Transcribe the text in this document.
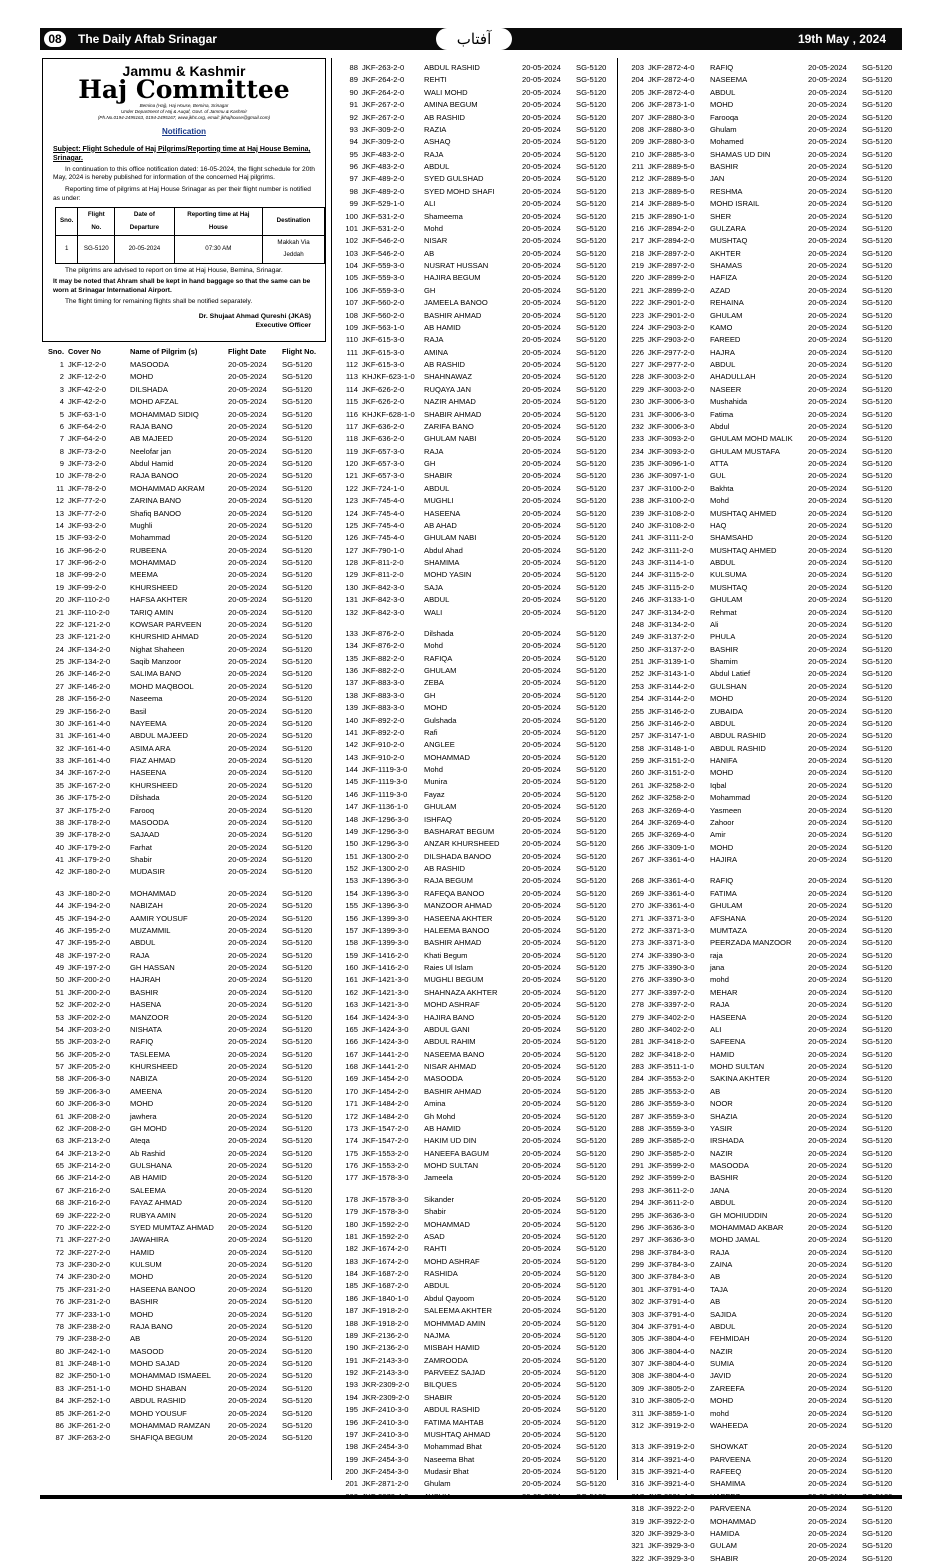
08	The Daily Aftab Srinagar	آفتاب	19th May , 2024
Jammu & Kashmir
Haj Committee
Bemina (Haj), Haj House, Bemina, Srinagar
Under Department of Haj & Auqaf, Govt. of Jammu & Kashmir
(Ph.No.0194-2495163, 0194-2495167, www.jkhc.org, email: jkhajhouse@gmail.com)
Notification
Subject: Flight Schedule of Haj Pilgrims/Reporting time at Haj House Bemina, Srinagar.
In continuation to this office notification dated: 16-05-2024, the flight schedule for 20th May, 2024 is hereby published for information of the concerned Haj pilgrims.
Reporting time of pilgrims at Haj House Srinagar as per their flight number is notified as under:
Sno.	Flight No.	Date of Departure	Reporting time at Haj House	Destination
1	SG-5120	20-05-2024	07:30 AM	Makkah Via Jeddah
The pilgrims are advised to report on time at Haj House, Bemina, Srinagar.
It may be noted that Ahram shall be kept in hand baggage so that the same can be worn at Srinagar International Airport.
The flight timing for remaining flights shall be notified separately.
Dr. Shujaat Ahmad Qureshi (JKAS)
Executive Officer
Sno. Cover No	Name of Pilgrim (s)	Flight Date Flight No.
1 JKF-12-2-0	MASOODA	20-05-2024 SG-5120
2 JKF-12-2-0	MOHD	20-05-2024 SG-5120
3 JKF-42-2-0	DILSHADA	20-05-2024 SG-5120
4 JKF-42-2-0	MOHD AFZAL	20-05-2024 SG-5120
5 JKF-63-1-0	MOHAMMAD SIDIQ	20-05-2024 SG-5120
6 JKF-64-2-0	RAJA BANO	20-05-2024 SG-5120
7 JKF-64-2-0	AB MAJEED	20-05-2024 SG-5120
8 JKF-73-2-0	Neelofar jan	20-05-2024 SG-5120
9 JKF-73-2-0	Abdul Hamid	20-05-2024 SG-5120
10 JKF-78-2-0	RAJA BANOO	20-05-2024 SG-5120
11 JKF-78-2-0	MOHAMMAD AKRAM	20-05-2024 SG-5120
12 JKF-77-2-0	ZARINA BANO	20-05-2024 SG-5120
13 JKF-77-2-0	Shafiq BANOO	20-05-2024 SG-5120
14 JKF-93-2-0	Mughli	20-05-2024 SG-5120
15 JKF-93-2-0	Mohammad	20-05-2024 SG-5120
16 JKF-96-2-0	RUBEENA	20-05-2024 SG-5120
17 JKF-96-2-0	MOHAMMAD	20-05-2024 SG-5120
18 JKF-99-2-0	MEEMA	20-05-2024 SG-5120
19 JKF-99-2-0	KHURSHEED	20-05-2024 SG-5120
20 JKF-110-2-0	HAFSA AKHTER	20-05-2024 SG-5120
21 JKF-110-2-0	TARIQ AMIN	20-05-2024 SG-5120
22 JKF-121-2-0	KOWSAR PARVEEN	20-05-2024 SG-5120
23 JKF-121-2-0	KHURSHID AHMAD	20-05-2024 SG-5120
24 JKF-134-2-0	Nighat Shaheen	20-05-2024 SG-5120
25 JKF-134-2-0	Saqib Manzoor	20-05-2024 SG-5120
26 JKF-146-2-0	SALIMA BANO	20-05-2024 SG-5120
27 JKF-146-2-0	MOHD MAQBOOL	20-05-2024 SG-5120
28 JKF-156-2-0	Naseema	20-05-2024 SG-5120
29 JKF-156-2-0	Basil	20-05-2024 SG-5120
30 JKF-161-4-0	NAYEEMA	20-05-2024 SG-5120
31 JKF-161-4-0	ABDUL MAJEED	20-05-2024 SG-5120
32 JKF-161-4-0	ASIMA ARA	20-05-2024 SG-5120
33 JKF-161-4-0	FIAZ AHMAD	20-05-2024 SG-5120
34 JKF-167-2-0	HASEENA	20-05-2024 SG-5120
35 JKF-167-2-0	KHURSHEED	20-05-2024 SG-5120
36 JKF-175-2-0	Dilshada	20-05-2024 SG-5120
37 JKF-175-2-0	Farooq	20-05-2024 SG-5120
38 JKF-178-2-0	MASOODA	20-05-2024 SG-5120
39 JKF-178-2-0	SAJAAD	20-05-2024 SG-5120
40 JKF-179-2-0	Farhat	20-05-2024 SG-5120
41 JKF-179-2-0	Shabir	20-05-2024 SG-5120
42 JKF-180-2-0	MUDASIR	20-05-2024 SG-5120
43 JKF-180-2-0	MOHAMMAD	20-05-2024 SG-5120
44 JKF-194-2-0	NABIZAH	20-05-2024 SG-5120
45 JKF-194-2-0	AAMIR YOUSUF	20-05-2024 SG-5120
46 JKF-195-2-0	MUZAMMIL	20-05-2024 SG-5120
47 JKF-195-2-0	ABDUL	20-05-2024 SG-5120
48 JKF-197-2-0	RAJA	20-05-2024 SG-5120
49 JKF-197-2-0	GH HASSAN	20-05-2024 SG-5120
50 JKF-200-2-0	HAJRAH	20-05-2024 SG-5120
51 JKF-200-2-0	BASHIR	20-05-2024 SG-5120
52 JKF-202-2-0	HASENA	20-05-2024 SG-5120
53 JKF-202-2-0	MANZOOR	20-05-2024 SG-5120
54 JKF-203-2-0	NISHATA	20-05-2024 SG-5120
55 JKF-203-2-0	RAFIQ	20-05-2024 SG-5120
56 JKF-205-2-0	TASLEEMA	20-05-2024 SG-5120
57 JKF-205-2-0	KHURSHEED	20-05-2024 SG-5120
58 JKF-206-3-0	NABIZA	20-05-2024 SG-5120
59 JKF-206-3-0	AMEENA	20-05-2024 SG-5120
60 JKF-206-3-0	MOHD	20-05-2024 SG-5120
61 JKF-208-2-0	jawhera	20-05-2024 SG-5120
62 JKF-208-2-0	GH MOHD	20-05-2024 SG-5120
63 JKF-213-2-0	Ateqa	20-05-2024 SG-5120
64 JKF-213-2-0	Ab Rashid	20-05-2024 SG-5120
65 JKF-214-2-0	GULSHANA	20-05-2024 SG-5120
66 JKF-214-2-0	AB HAMID	20-05-2024 SG-5120
67 JKF-216-2-0	SALEEMA	20-05-2024 SG-5120
68 JKF-216-2-0	FAYAZ AHMAD	20-05-2024 SG-5120
69 JKF-222-2-0	RUBYA AMIN	20-05-2024 SG-5120
70 JKF-222-2-0	SYED MUMTAZ AHMAD 20-05-2024 SG-5120
71 JKF-227-2-0	JAWAHIRA	20-05-2024 SG-5120
72 JKF-227-2-0	HAMID	20-05-2024 SG-5120
73 JKF-230-2-0	KULSUM	20-05-2024 SG-5120
74 JKF-230-2-0	MOHD	20-05-2024 SG-5120
75 JKF-231-2-0	HASEENA BANOO	20-05-2024 SG-5120
76 JKF-231-2-0	BASHIR	20-05-2024 SG-5120
77 JKF-233-1-0	MOHD	20-05-2024 SG-5120
78 JKF-238-2-0	RAJA BANO	20-05-2024 SG-5120
79 JKF-238-2-0	AB	20-05-2024 SG-5120
80 JKF-242-1-0	MASOOD	20-05-2024 SG-5120
81 JKF-248-1-0	MOHD SAJAD	20-05-2024 SG-5120
82 JKF-250-1-0	MOHAMMAD ISMAEEL 20-05-2024 SG-5120
83 JKF-251-1-0	MOHD SHABAN	20-05-2024 SG-5120
84 JKF-252-1-0	ABDUL RASHID	20-05-2024 SG-5120
85 JKF-261-2-0	MOHD YOUSUF	20-05-2024 SG-5120
86 JKF-261-2-0	MOHAMMAD RAMZAN 20-05-2024 SG-5120
87 JKF-263-2-0	SHAFIQA BEGUM	20-05-2024 SG-5120
88 JKF-263-2-0	ABDUL RASHID	20-05-2024 SG-5120
89 JKF-264-2-0	REHTI	20-05-2024 SG-5120
90 JKF-264-2-0	WALI MOHD	20-05-2024 SG-5120
91 JKF-267-2-0	AMINA BEGUM	20-05-2024 SG-5120
92 JKF-267-2-0	AB RASHID	20-05-2024 SG-5120
93 JKF-309-2-0	RAZIA	20-05-2024 SG-5120
94 JKF-309-2-0	ASHAQ	20-05-2024 SG-5120
95 JKF-483-2-0	RAJA	20-05-2024 SG-5120
96 JKF-483-2-0	ABDUL	20-05-2024 SG-5120
97 JKF-489-2-0	SYED GULSHAD	20-05-2024 SG-5120
98 JKF-489-2-0	SYED MOHD SHAFI	20-05-2024 SG-5120
99 JKF-529-1-0	ALI	20-05-2024 SG-5120
100 JKF-531-2-0	Shameema	20-05-2024 SG-5120
101 JKF-531-2-0	Mohd	20-05-2024 SG-5120
102 JKF-546-2-0	NISAR	20-05-2024 SG-5120
103 JKF-546-2-0	AB	20-05-2024 SG-5120
104 JKF-559-3-0	NUSRAT HUSSAN	20-05-2024 SG-5120
105 JKF-559-3-0	HAJIRA BEGUM	20-05-2024 SG-5120
106 JKF-559-3-0	GH	20-05-2024 SG-5120
107 JKF-560-2-0	JAMEELA BANOO	20-05-2024 SG-5120
108 JKF-560-2-0	BASHIR AHMAD	20-05-2024 SG-5120
109 JKF-563-1-0	AB HAMID	20-05-2024 SG-5120
110 JKF-615-3-0	RAJA	20-05-2024 SG-5120
111 JKF-615-3-0	AMINA	20-05-2024 SG-5120
112 JKF-615-3-0	AB RASHID	20-05-2024 SG-5120
113 KHJKF-623-1-0 SHAHNAWAZ	20-05-2024 SG-5120
114 JKF-626-2-0	RUQAYA JAN	20-05-2024 SG-5120
115 JKF-626-2-0	NAZIR AHMAD	20-05-2024 SG-5120
116 KHJKF-628-1-0 SHABIR AHMAD	20-05-2024 SG-5120
117 JKF-636-2-0	ZARIFA BANO	20-05-2024 SG-5120
118 JKF-636-2-0	GHULAM NABI	20-05-2024 SG-5120
119 JKF-657-3-0	RAJA	20-05-2024 SG-5120
120 JKF-657-3-0	GH	20-05-2024 SG-5120
121 JKF-657-3-0	SHABIR	20-05-2024 SG-5120
122 JKF-724-1-0	ABDUL	20-05-2024 SG-5120
123 JKF-745-4-0	MUGHLI	20-05-2024 SG-5120
124 JKF-745-4-0	HASEENA	20-05-2024 SG-5120
125 JKF-745-4-0	AB AHAD	20-05-2024 SG-5120
126 JKF-745-4-0	GHULAM NABI	20-05-2024 SG-5120
127 JKF-790-1-0	Abdul Ahad	20-05-2024 SG-5120
128 JKF-811-2-0	SHAMIMA	20-05-2024 SG-5120
129 JKF-811-2-0	MOHD YASIN	20-05-2024 SG-5120
130 JKF-842-3-0	SAJA	20-05-2024 SG-5120
131 JKF-842-3-0	ABDUL	20-05-2024 SG-5120
132 JKF-842-3-0	WALI	20-05-2024 SG-5120
133 JKF-876-2-0	Dilshada	20-05-2024 SG-5120
134 JKF-876-2-0	Mohd	20-05-2024 SG-5120
135 JKF-882-2-0	RAFIQA	20-05-2024 SG-5120
136 JKF-882-2-0	GHULAM	20-05-2024 SG-5120
137 JKF-883-3-0	ZEBA	20-05-2024 SG-5120
138 JKF-883-3-0	GH	20-05-2024 SG-5120
139 JKF-883-3-0	MOHD	20-05-2024 SG-5120
140 JKF-892-2-0	Gulshada	20-05-2024 SG-5120
141 JKF-892-2-0	Rafi	20-05-2024 SG-5120
142 JKF-910-2-0	ANGLEE	20-05-2024 SG-5120
143 JKF-910-2-0	MOHAMMAD	20-05-2024 SG-5120
144 JKF-1119-3-0 Mohd	20-05-2024 SG-5120
145 JKF-1119-3-0 Munira	20-05-2024 SG-5120
146 JKF-1119-3-0 Fayaz	20-05-2024 SG-5120
147 JKF-1136-1-0 GHULAM	20-05-2024 SG-5120
148 JKF-1296-3-0 ISHFAQ	20-05-2024 SG-5120
149 JKF-1296-3-0 BASHARAT BEGUM	20-05-2024 SG-5120
150 JKF-1296-3-0 ANZAR KHURSHEED	20-05-2024 SG-5120
151 JKF-1300-2-0 DILSHADA BANOO	20-05-2024 SG-5120
152 JKF-1300-2-0 AB RASHID	20-05-2024 SG-5120
153 JKF-1396-3-0 RAJA BEGUM	20-05-2024 SG-5120
154 JKF-1396-3-0 RAFEQA BANOO	20-05-2024 SG-5120
155 JKF-1396-3-0 MANZOOR AHMAD	20-05-2024 SG-5120
156 JKF-1399-3-0 HASEENA AKHTER	20-05-2024 SG-5120
157 JKF-1399-3-0 HALEEMA BANOO	20-05-2024 SG-5120
158 JKF-1399-3-0 BASHIR AHMAD	20-05-2024 SG-5120
159 JKF-1416-2-0 Khati Begum	20-05-2024 SG-5120
160 JKF-1416-2-0 Raies Ul Islam	20-05-2024 SG-5120
161 JKF-1421-3-0 MUGHLI BEGUM	20-05-2024 SG-5120
162 JKF-1421-3-0 SHAHNAZA AKHTER	20-05-2024 SG-5120
163 JKF-1421-3-0 MOHD ASHRAF	20-05-2024 SG-5120
164 JKF-1424-3-0 HAJIRA BANO	20-05-2024 SG-5120
165 JKF-1424-3-0 ABDUL GANI	20-05-2024 SG-5120
166 JKF-1424-3-0 ABDUL RAHIM	20-05-2024 SG-5120
167 JKF-1441-2-0 NASEEMA BANO	20-05-2024 SG-5120
168 JKF-1441-2-0 NISAR AHMAD	20-05-2024 SG-5120
169 JKF-1454-2-0 MASOODA	20-05-2024 SG-5120
170 JKF-1454-2-0 BASHIR AHMAD	20-05-2024 SG-5120
171 JKF-1484-2-0 Amina	20-05-2024 SG-5120
172 JKF-1484-2-0 Gh Mohd	20-05-2024 SG-5120
173 JKF-1547-2-0 AB HAMID	20-05-2024 SG-5120
174 JKF-1547-2-0 HAKIM UD DIN	20-05-2024 SG-5120
175 JKF-1553-2-0 HANEEFA BAGUM	20-05-2024 SG-5120
176 JKF-1553-2-0 MOHD SULTAN	20-05-2024 SG-5120
177 JKF-1578-3-0 Jameela	20-05-2024 SG-5120
178 JKF-1578-3-0 Sikander	20-05-2024 SG-5120
179 JKF-1578-3-0 Shabir	20-05-2024 SG-5120
180 JKF-1592-2-0 MOHAMMAD	20-05-2024 SG-5120
181 JKF-1592-2-0 ASAD	20-05-2024 SG-5120
182 JKF-1674-2-0 RAHTI	20-05-2024 SG-5120
183 JKF-1674-2-0 MOHD ASHRAF	20-05-2024 SG-5120
184 JKF-1687-2-0 RASHIDA	20-05-2024 SG-5120
185 JKF-1687-2-0 ABDUL	20-05-2024 SG-5120
186 JKF-1840-1-0 Abdul Qayoom	20-05-2024 SG-5120
187 JKF-1918-2-0 SALEEMA AKHTER	20-05-2024 SG-5120
188 JKF-1918-2-0 MOHMMAD AMIN	20-05-2024 SG-5120
189 JKF-2136-2-0 NAJMA	20-05-2024 SG-5120
190 JKF-2136-2-0 MISBAH HAMID	20-05-2024 SG-5120
191 JKF-2143-3-0 ZAMROODA	20-05-2024 SG-5120
192 JKF-2143-3-0 PARVEEZ SAJAD	20-05-2024 SG-5120
193 JKR-2309-2-0 BILQUES	20-05-2024 SG-5120
194 JKR-2309-2-0 SHABIR	20-05-2024 SG-5120
195 JKF-2410-3-0 ABDUL RASHID	20-05-2024 SG-5120
196 JKF-2410-3-0 FATIMA MAHTAB	20-05-2024 SG-5120
197 JKF-2410-3-0 MUSHTAQ AHMAD	20-05-2024 SG-5120
198 JKF-2454-3-0 Mohammad Bhat	20-05-2024 SG-5120
199 JKF-2454-3-0 Naseema Bhat	20-05-2024 SG-5120
200 JKF-2454-3-0 Mudasir Bhat	20-05-2024 SG-5120
201 JKF-2871-2-0 Ghulam	20-05-2024 SG-5120
203 JKF-2872-4-0 RAFIQ	20-05-2024 SG-5120
204 JKF-2872-4-0 NASEEMA	20-05-2024 SG-5120
205 JKF-2872-4-0 ABDUL	20-05-2024 SG-5120
206 JKF-2873-1-0 MOHD	20-05-2024 SG-5120
207 JKF-2880-3-0 Farooqa	20-05-2024 SG-5120
208 JKF-2880-3-0 Ghulam	20-05-2024 SG-5120
209 JKF-2880-3-0 Mohamed	20-05-2024 SG-5120
210 JKF-2885-3-0 SHAMAS UD DIN	20-05-2024 SG-5120
211 JKF-2889-5-0 BASHIR	20-05-2024 SG-5120
212 JKF-2889-5-0 JAN	20-05-2024 SG-5120
213 JKF-2889-5-0 RESHMA	20-05-2024 SG-5120
214 JKF-2889-5-0 MOHD ISRAIL	20-05-2024 SG-5120
215 JKF-2890-1-0 SHER	20-05-2024 SG-5120
216 JKF-2894-2-0 GULZARA	20-05-2024 SG-5120
217 JKF-2894-2-0 MUSHTAQ	20-05-2024 SG-5120
218 JKF-2897-2-0 AKHTER	20-05-2024 SG-5120
219 JKF-2897-2-0 SHAMAS	20-05-2024 SG-5120
220 JKF-2899-2-0 HAFIZA	20-05-2024 SG-5120
221 JKF-2899-2-0 AZAD	20-05-2024 SG-5120
222 JKF-2901-2-0 REHAINA	20-05-2024 SG-5120
223 JKF-2901-2-0 GHULAM	20-05-2024 SG-5120
224 JKF-2903-2-0 KAMO	20-05-2024 SG-5120
225 JKF-2903-2-0 FAREED	20-05-2024 SG-5120
226 JKF-2977-2-0 HAJRA	20-05-2024 SG-5120
227 JKF-2977-2-0 ABDUL	20-05-2024 SG-5120
228 JKF-3003-2-0 AHADULLAH	20-05-2024 SG-5120
229 JKF-3003-2-0 NASEER	20-05-2024 SG-5120
230 JKF-3006-3-0 Mushahida	20-05-2024 SG-5120
231 JKF-3006-3-0 Fatima	20-05-2024 SG-5120
232 JKF-3006-3-0 Abdul	20-05-2024 SG-5120
233 JKF-3093-2-0 GHULAM MOHD MALIK 20-05-2024 SG-5120
234 JKF-3093-2-0 GHULAM MUSTAFA	20-05-2024 SG-5120
235 JKF-3096-1-0 ATTA	20-05-2024 SG-5120
236 JKF-3097-1-0 GUL	20-05-2024 SG-5120
237 JKF-3100-2-0 Bakhta	20-05-2024 SG-5120
238 JKF-3100-2-0 Mohd	20-05-2024 SG-5120
239 JKF-3108-2-0 MUSHTAQ AHMED	20-05-2024 SG-5120
240 JKF-3108-2-0 HAQ	20-05-2024 SG-5120
241 JKF-3111-2-0 SHAMSAHD	20-05-2024 SG-5120
242 JKF-3111-2-0 MUSHTAQ AHMED	20-05-2024 SG-5120
243 JKF-3114-1-0 ABDUL	20-05-2024 SG-5120
244 JKF-3115-2-0 KULSUMA	20-05-2024 SG-5120
245 JKF-3115-2-0 MUSHTAQ	20-05-2024 SG-5120
246 JKF-3133-1-0 GHULAM	20-05-2024 SG-5120
247 JKF-3134-2-0 Rehmat	20-05-2024 SG-5120
248 JKF-3134-2-0 Ali	20-05-2024 SG-5120
249 JKF-3137-2-0 PHULA	20-05-2024 SG-5120
250 JKF-3137-2-0 BASHIR	20-05-2024 SG-5120
251 JKF-3139-1-0 Shamim	20-05-2024 SG-5120
252 JKF-3143-1-0 Abdul Latief	20-05-2024 SG-5120
253 JKF-3144-2-0 GULSHAN	20-05-2024 SG-5120
254 JKF-3144-2-0 MOHD	20-05-2024 SG-5120
255 JKF-3146-2-0 ZUBAIDA	20-05-2024 SG-5120
256 JKF-3146-2-0 ABDUL	20-05-2024 SG-5120
257 JKF-3147-1-0 ABDUL RASHID	20-05-2024 SG-5120
258 JKF-3148-1-0 ABDUL RASHID	20-05-2024 SG-5120
259 JKF-3151-2-0 HANIFA	20-05-2024 SG-5120
260 JKF-3151-2-0 MOHD	20-05-2024 SG-5120
261 JKF-3258-2-0 Iqbal	20-05-2024 SG-5120
262 JKF-3258-2-0 Mohammad	20-05-2024 SG-5120
263 JKF-3269-4-0 Yasmeen	20-05-2024 SG-5120
264 JKF-3269-4-0 Zahoor	20-05-2024 SG-5120
265 JKF-3269-4-0 Amir	20-05-2024 SG-5120
266 JKF-3309-1-0 MOHD	20-05-2024 SG-5120
267 JKF-3361-4-0 HAJIRA	20-05-2024 SG-5120
268 JKF-3361-4-0 RAFIQ	20-05-2024 SG-5120
269 JKF-3361-4-0 FATIMA	20-05-2024 SG-5120
270 JKF-3361-4-0 GHULAM	20-05-2024 SG-5120
271 JKF-3371-3-0 AFSHANA	20-05-2024 SG-5120
272 JKF-3371-3-0 MUMTAZA	20-05-2024 SG-5120
273 JKF-3371-3-0 PEERZADA MANZOOR 20-05-2024 SG-5120
274 JKF-3390-3-0 raja	20-05-2024 SG-5120
275 JKF-3390-3-0 jana	20-05-2024 SG-5120
276 JKF-3390-3-0 mohd	20-05-2024 SG-5120
277 JKF-3397-2-0 MEHAR	20-05-2024 SG-5120
278 JKF-3397-2-0 RAJA	20-05-2024 SG-5120
279 JKF-3402-2-0 HASEENA	20-05-2024 SG-5120
280 JKF-3402-2-0 ALI	20-05-2024 SG-5120
281 JKF-3418-2-0 SAFEENA	20-05-2024 SG-5120
282 JKF-3418-2-0 HAMID	20-05-2024 SG-5120
283 JKF-3511-1-0 MOHD SULTAN	20-05-2024 SG-5120
284 JKF-3553-2-0 SAKINA AKHTER	20-05-2024 SG-5120
285 JKF-3553-2-0 AB	20-05-2024 SG-5120
286 JKF-3559-3-0 NOOR	20-05-2024 SG-5120
287 JKF-3559-3-0 SHAZIA	20-05-2024 SG-5120
288 JKF-3559-3-0 YASIR	20-05-2024 SG-5120
289 JKF-3585-2-0 IRSHADA	20-05-2024 SG-5120
290 JKF-3585-2-0 NAZIR	20-05-2024 SG-5120
291 JKF-3599-2-0 MASOODA	20-05-2024 SG-5120
292 JKF-3599-2-0 BASHIR	20-05-2024 SG-5120
293 JKF-3611-2-0 JANA	20-05-2024 SG-5120
294 JKF-3611-2-0 ABDUL	20-05-2024 SG-5120
295 JKF-3636-3-0 GH MOHIUDDIN	20-05-2024 SG-5120
296 JKF-3636-3-0 MOHAMMAD AKBAR	20-05-2024 SG-5120
297 JKF-3636-3-0 MOHD JAMAL	20-05-2024 SG-5120
298 JKF-3784-3-0 RAJA	20-05-2024 SG-5120
299 JKF-3784-3-0 ZAINA	20-05-2024 SG-5120
300 JKF-3784-3-0 AB	20-05-2024 SG-5120
301 JKF-3791-4-0 TAJA	20-05-2024 SG-5120
302 JKF-3791-4-0 AB	20-05-2024 SG-5120
303 JKF-3791-4-0 SAJIDA	20-05-2024 SG-5120
304 JKF-3791-4-0 ABDUL	20-05-2024 SG-5120
305 JKF-3804-4-0 FEHMIDAH	20-05-2024 SG-5120
306 JKF-3804-4-0 NAZIR	20-05-2024 SG-5120
307 JKF-3804-4-0 SUMIA	20-05-2024 SG-5120
308 JKF-3804-4-0 JAVID	20-05-2024 SG-5120
309 JKF-3805-2-0 ZAREEFA	20-05-2024 SG-5120
310 JKF-3805-2-0 MOHD	20-05-2024 SG-5120
311 JKF-3859-1-0 mohd	20-05-2024 SG-5120
312 JKF-3919-2-0 WAHEEDA	20-05-2024 SG-5120
313 JKF-3919-2-0 SHOWKAT	20-05-2024 SG-5120
314 JKF-3921-4-0 PARVEENA	20-05-2024 SG-5120
315 JKF-3921-4-0 RAFEEQ	20-05-2024 SG-5120
316 JKF-3921-4-0 SHAMIMA	20-05-2024 SG-5120
318 JKF-3922-2-0 PARVEENA	20-05-2024 SG-5120
319 JKF-3922-2-0 MOHAMMAD	20-05-2024 SG-5120
320 JKF-3929-3-0 HAMIDA	20-05-2024 SG-5120
321 JKF-3929-3-0 GULAM	20-05-2024 SG-5120
322 JKF-3929-3-0 SHABIR	20-05-2024 SG-5120
